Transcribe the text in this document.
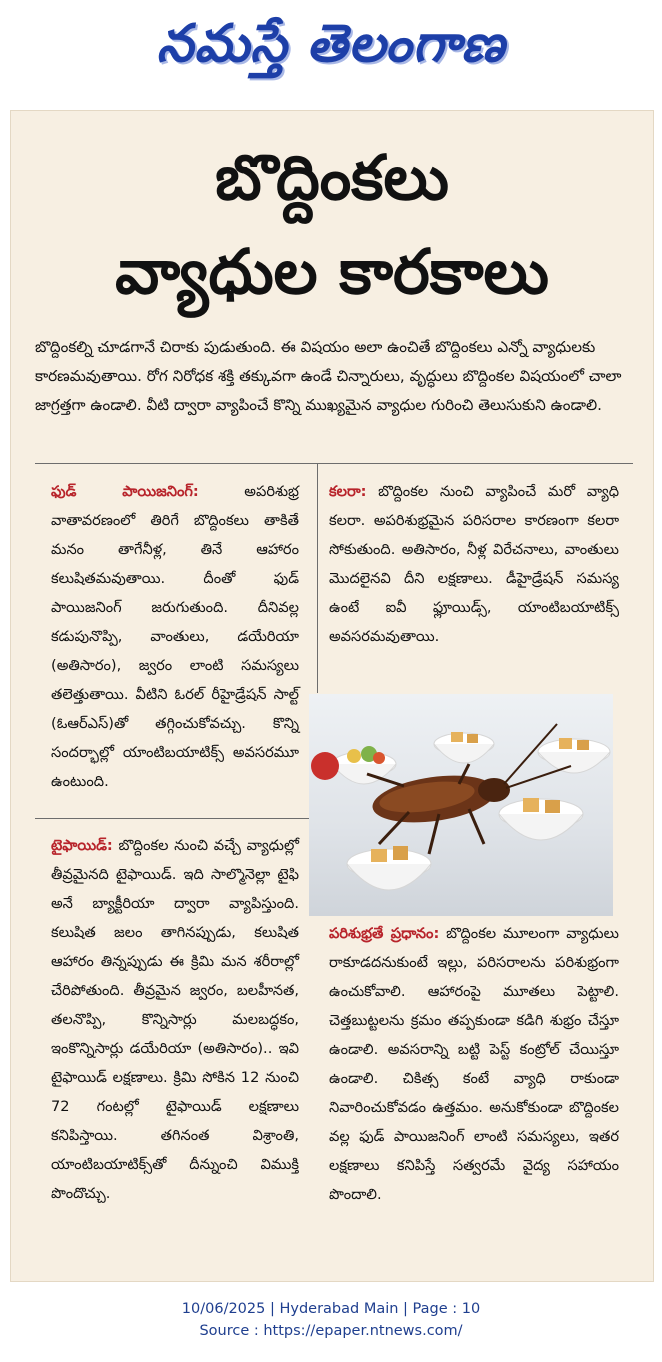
నమస్తే తెలంగాణ
బొద్దింకలు
వ్యాధుల కారకాలు
బొద్దింకల్ని చూడగానే చిరాకు పుడుతుంది. ఈ విషయం అలా ఉంచితే బొద్దింకలు ఎన్నో వ్యాధులకు కారణమవుతాయి. రోగ నిరోధక శక్తి తక్కువగా ఉండే చిన్నారులు, వృద్ధులు బొద్దింకల విషయంలో చాలా జాగ్రత్తగా ఉండాలి. వీటి ద్వారా వ్యాపించే కొన్ని ముఖ్యమైన వ్యాధుల గురించి తెలుసుకుని ఉండాలి.
ఫుడ్ పాయిజనింగ్: అపరిశుభ్ర వాతావరణంలో తిరిగే బొద్దింకలు తాకితే మనం తాగేనీళ్ల, తినే ఆహారం కలుషితమవుతాయి. దీంతో ఫుడ్ పాయిజనింగ్ జరుగుతుంది. దీనివల్ల కడుపునొప్పి, వాంతులు, డయేరియా (అతిసారం), జ్వరం లాంటి సమస్యలు తలెత్తుతాయి. వీటిని ఓరల్ రీహైడ్రేషన్ సాల్ట్ (ఓఆర్ఎస్)తో తగ్గించుకోవచ్చు. కొన్ని సందర్భాల్లో యాంటిబయాటిక్స్ అవసరమూ ఉంటుంది.
కలరా: బొద్దింకల నుంచి వ్యాపించే మరో వ్యాధి కలరా. అపరిశుభ్రమైన పరిసరాల కారణంగా కలరా సోకుతుంది. అతిసారం, నీళ్ల విరేచనాలు, వాంతులు మొదలైనవి దీని లక్షణాలు. డీహైడ్రేషన్ సమస్య ఉంటే ఐవీ ఫ్లూయిడ్స్, యాంటిబయాటిక్స్ అవసరమవుతాయి.
టైఫాయిడ్: బొద్దింకల నుంచి వచ్చే వ్యాధుల్లో తీవ్రమైనది టైఫాయిడ్. ఇది సాల్మొనెల్లా టైఫి అనే బ్యాక్టీరియా ద్వారా వ్యాపిస్తుంది. కలుషిత జలం తాగినప్పుడు, కలుషిత ఆహారం తిన్నప్పుడు ఈ క్రిమి మన శరీరాల్లో చేరిపోతుంది. తీవ్రమైన జ్వరం, బలహీనత, తలనొప్పి, కొన్నిసార్లు మలబద్ధకం, ఇంకొన్నిసార్లు డయేరియా (అతిసారం).. ఇవి టైఫాయిడ్ లక్షణాలు. క్రిమి సోకిన 12 నుంచి 72 గంటల్లో టైఫాయిడ్ లక్షణాలు కనిపిస్తాయి. తగినంత విశ్రాంతి, యాంటిబయాటిక్స్‌తో దీన్నుంచి విముక్తి పొందొచ్చు.
పరిశుభ్రతే ప్రధానం: బొద్దింకల మూలంగా వ్యాధులు రాకూడదనుకుంటే ఇల్లు, పరిసరాలను పరిశుభ్రంగా ఉంచుకోవాలి. ఆహారంపై మూతలు పెట్టాలి. చెత్తబుట్టలను క్రమం తప్పకుండా కడిగి శుభ్రం చేస్తూ ఉండాలి. అవసరాన్ని బట్టి పెస్ట్ కంట్రోల్ చేయిస్తూ ఉండాలి. చికిత్స కంటే వ్యాధి రాకుండా నివారించుకోవడం ఉత్తమం. అనుకోకుండా బొద్దింకల వల్ల ఫుడ్ పాయిజనింగ్ లాంటి సమస్యలు, ఇతర లక్షణాలు కనిపిస్తే సత్వరమే వైద్య సహాయం పొందాలి.
10/06/2025 | Hyderabad Main | Page : 10
Source : https://epaper.ntnews.com/
